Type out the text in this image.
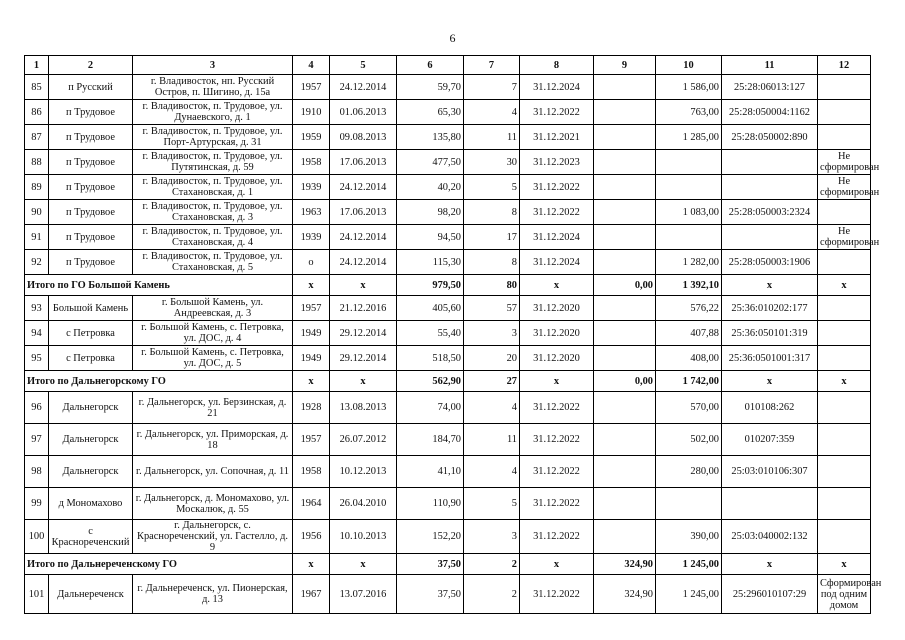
6
1	2	3	4	5	6	7	8	9	10	11	12
85	п Русский	г. Владивосток, нп. Русский Остров, п. Шигино, д. 15а	1957	24.12.2014	59,70	7	31.12.2024		1 586,00	25:28:06013:127	
86	п Трудовое	г. Владивосток, п. Трудовое, ул. Дунаевского, д. 1	1910	01.06.2013	65,30	4	31.12.2022		763,00	25:28:050004:1162	
87	п Трудовое	г. Владивосток, п. Трудовое, ул. Порт-Артурская, д. 31	1959	09.08.2013	135,80	11	31.12.2021		1 285,00	25:28:050002:890	
88	п Трудовое	г. Владивосток, п. Трудовое, ул. Путятинская, д. 59	1958	17.06.2013	477,50	30	31.12.2023				Не сформирован
89	п Трудовое	г. Владивосток, п. Трудовое, ул. Стахановская, д. 1	1939	24.12.2014	40,20	5	31.12.2022				Не сформирован
90	п Трудовое	г. Владивосток, п. Трудовое, ул. Стахановская, д. 3	1963	17.06.2013	98,20	8	31.12.2022		1 083,00	25:28:050003:2324	
91	п Трудовое	г. Владивосток, п. Трудовое, ул. Стахановская, д. 4	1939	24.12.2014	94,50	17	31.12.2024				Не сформирован
92	п Трудовое	г. Владивосток, п. Трудовое, ул. Стахановская, д. 5	о	24.12.2014	115,30	8	31.12.2024		1 282,00	25:28:050003:1906	
Итого по ГО Большой Камень			x	x	979,50	80	x	0,00	1 392,10	x	x
93	Большой Камень	г. Большой Камень, ул. Андреевская, д. 3	1957	21.12.2016	405,60	57	31.12.2020		576,22	25:36:010202:177	
94	с Петровка	г. Большой Камень, с. Петровка, ул. ДОС, д. 4	1949	29.12.2014	55,40	3	31.12.2020		407,88	25:36:050101:319	
95	с Петровка	г. Большой Камень, с. Петровка, ул. ДОС, д. 5	1949	29.12.2014	518,50	20	31.12.2020		408,00	25:36:0501001:317	
Итого по Дальнегорскому ГО			x	x	562,90	27	x	0,00	1 742,00	x	x
96	Дальнегорск	г. Дальнегорск, ул. Берзинская, д. 21	1928	13.08.2013	74,00	4	31.12.2022		570,00	010108:262	
97	Дальнегорск	г. Дальнегорск, ул. Приморская, д. 18	1957	26.07.2012	184,70	11	31.12.2022		502,00	010207:359	
98	Дальнегорск	г. Дальнегорск, ул. Сопочная, д. 11	1958	10.12.2013	41,10	4	31.12.2022		280,00	25:03:010106:307	
99	д Мономахово	г. Дальнегорск, д. Мономахово, ул. Москалюк, д. 55	1964	26.04.2010	110,90	5	31.12.2022				
100	с Краснореченский	г. Дальнегорск, с. Краснореченский, ул. Гастелло, д. 9	1956	10.10.2013	152,20	3	31.12.2022		390,00	25:03:040002:132	
Итого по Дальнереченскому ГО			x	x	37,50	2	x	324,90	1 245,00	x	x
101	Дальнереченск	г. Дальнереченск, ул. Пионерская, д. 13	1967	13.07.2016	37,50	2	31.12.2022	324,90	1 245,00	25:296010107:29	Сформирован под одним домом
